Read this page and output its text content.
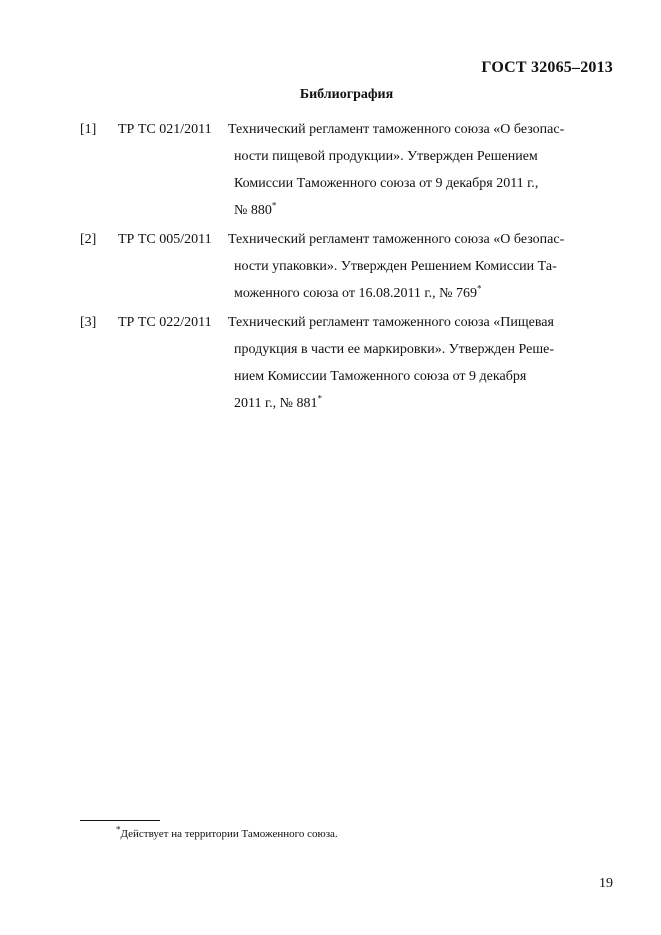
ГОСТ 32065–2013
Библиография
[1] ТР ТС 021/2011 Технический регламент таможенного союза «О безопас-
ности пищевой продукции». Утвержден Решением
Комиссии Таможенного союза от 9 декабря 2011 г.,
№ 880*
[2] ТР ТС 005/2011 Технический регламент таможенного союза «О безопас-
ности упаковки». Утвержден Решением Комиссии Та-
моженного союза от 16.08.2011 г., № 769*
[3] ТР ТС 022/2011 Технический регламент таможенного союза «Пищевая
продукция в части ее маркировки». Утвержден Реше-
нием Комиссии Таможенного союза от 9 декабря
2011 г., № 881*
*Действует на территории Таможенного союза.
19
